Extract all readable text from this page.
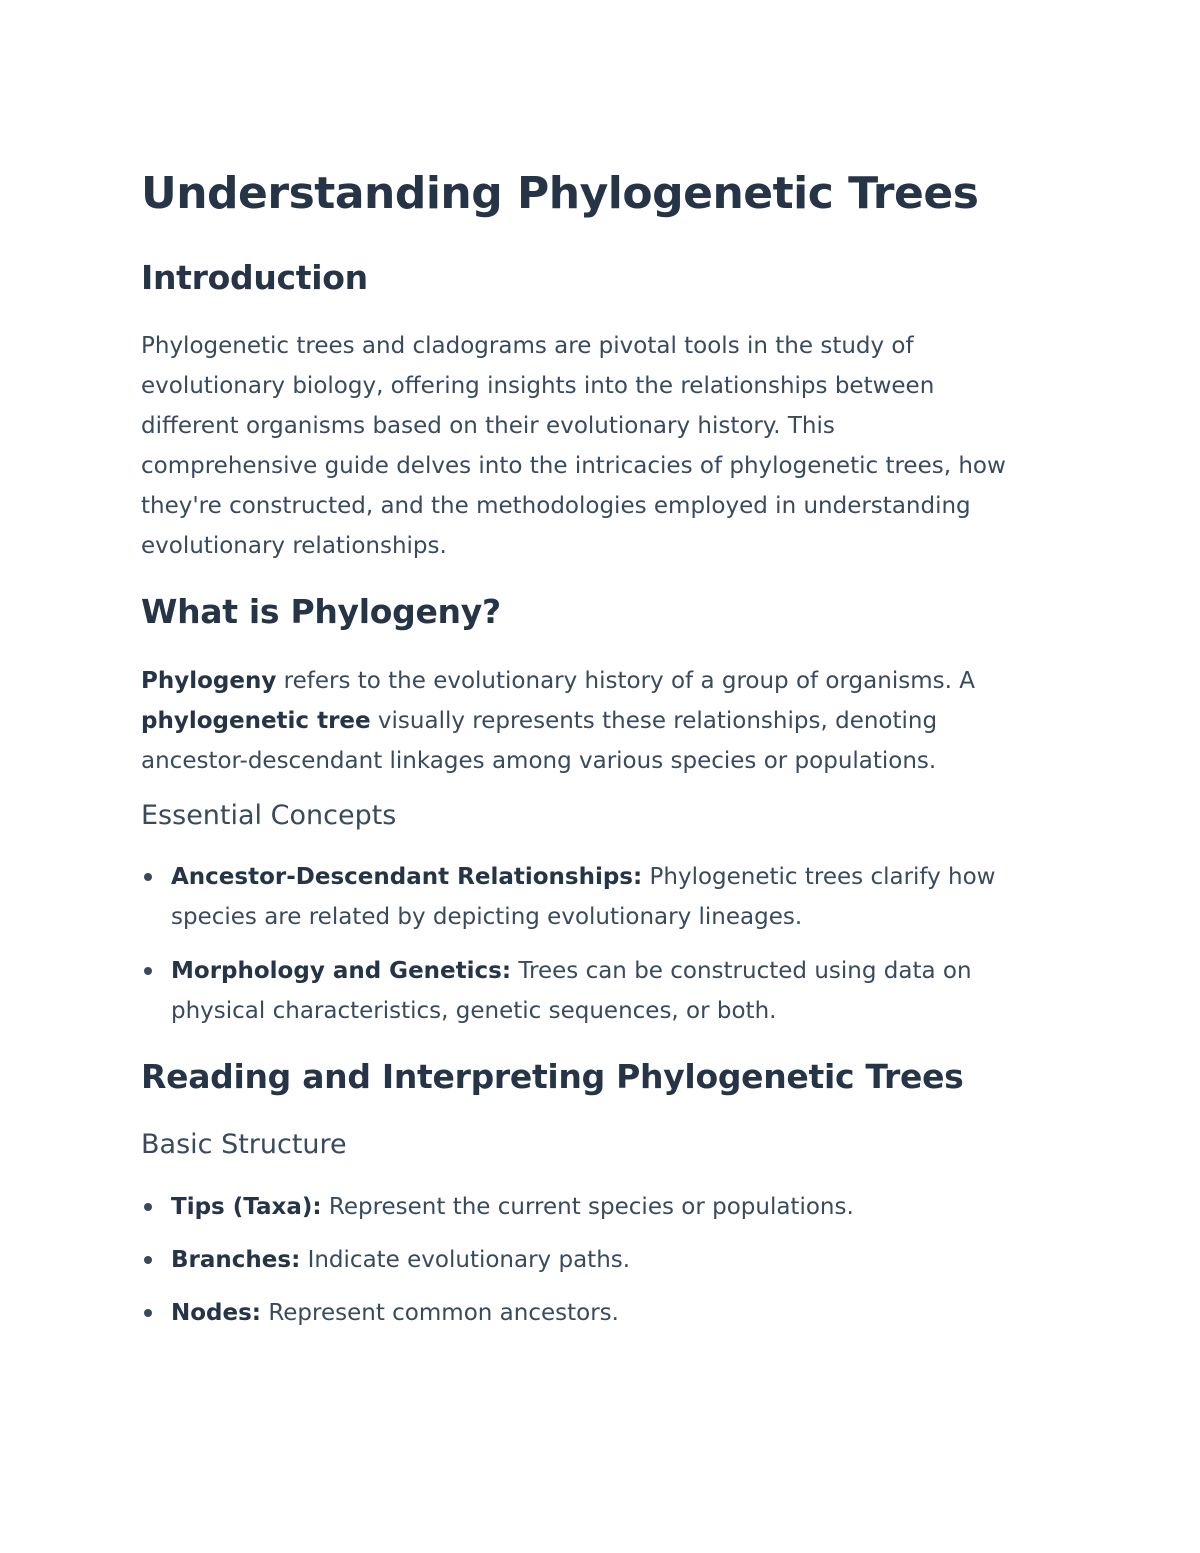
Understanding Phylogenetic Trees
Introduction

Phylogenetic trees and cladograms are pivotal tools in the study of
evolutionary biology, offering insights into the relationships between
different organisms based on their evolutionary history. This
comprehensive guide delves into the intricacies of phylogenetic trees, how
they're constructed, and the methodologies employed in understanding
evolutionary relationships.

What is Phylogeny?

Phylogeny refers to the evolutionary history of a group of organisms. A
phylogenetic tree visually represents these relationships, denoting
ancestor-descendant linkages among various species or populations.

Essential Concepts
Ancestor-Descendant Relationships: Phylogenetic trees clarify how
species are related by depicting evolutionary lineages.
Morphology and Genetics: Trees can be constructed using data on
physical characteristics, genetic sequences, or both.
Reading and Interpreting Phylogenetic Trees
Basic Structure
Tips (Taxa): Represent the current species or populations.
Branches: Indicate evolutionary paths.
Nodes: Represent common ancestors.
